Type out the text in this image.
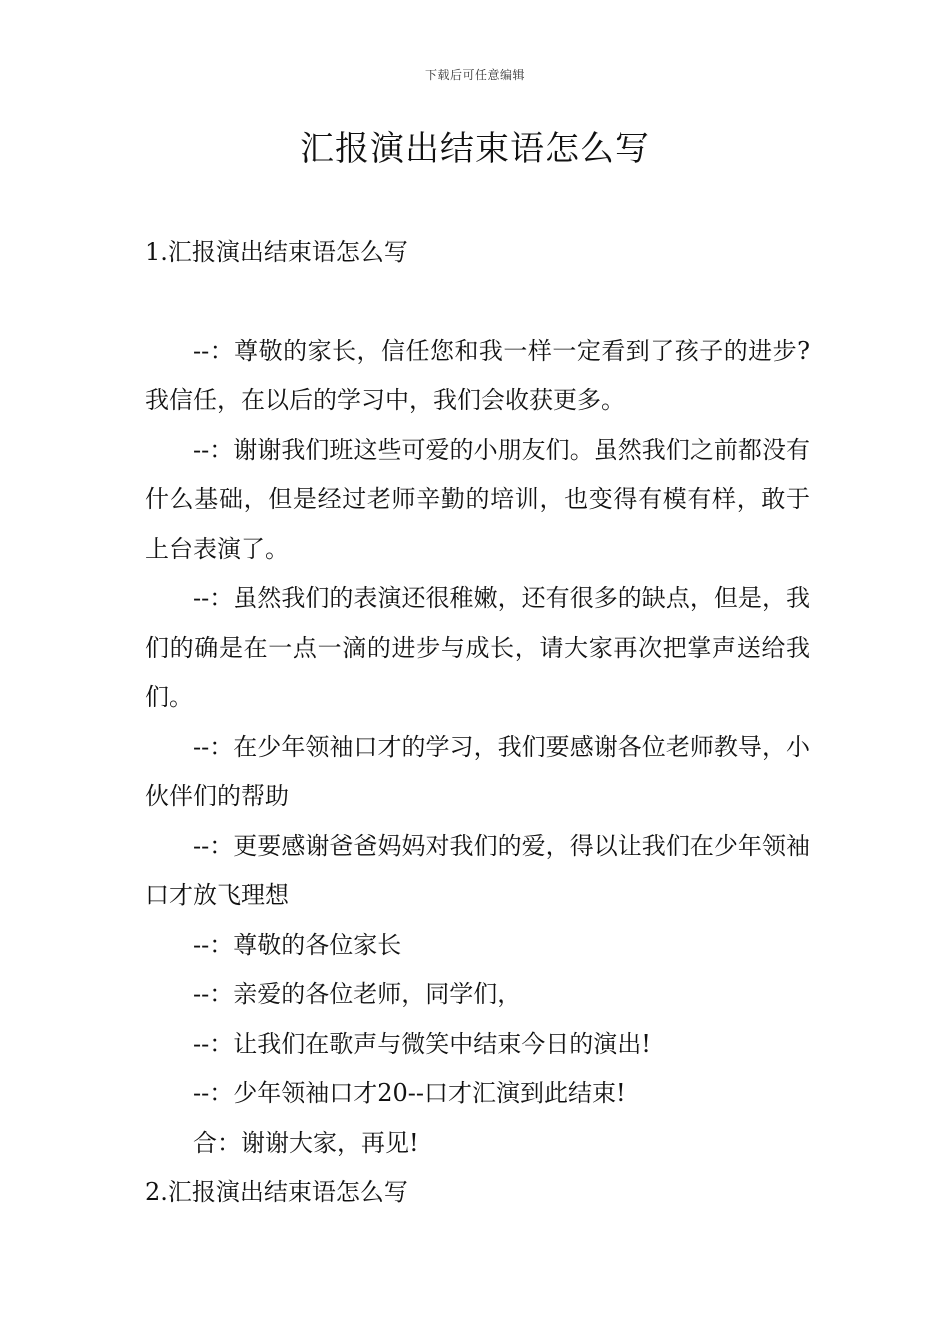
下载后可任意编辑
汇报演出结束语怎么写

1.汇报演出结束语怎么写

--：尊敬的家长，信任您和我一样一定看到了孩子的进步?我信任，在以后的学习中，我们会收获更多。

--：谢谢我们班这些可爱的小朋友们。虽然我们之前都没有什么基础，但是经过老师辛勤的培训，也变得有模有样，敢于上台表演了。

--：虽然我们的表演还很稚嫩，还有很多的缺点，但是，我们的确是在一点一滴的进步与成长，请大家再次把掌声送给我们。

--：在少年领袖口才的学习，我们要感谢各位老师教导，小伙伴们的帮助

--：更要感谢爸爸妈妈对我们的爱，得以让我们在少年领袖口才放飞理想

--：尊敬的各位家长

--：亲爱的各位老师，同学们，

--：让我们在歌声与微笑中结束今日的演出!

--：少年领袖口才20--口才汇演到此结束!

合：谢谢大家，再见!

2.汇报演出结束语怎么写
